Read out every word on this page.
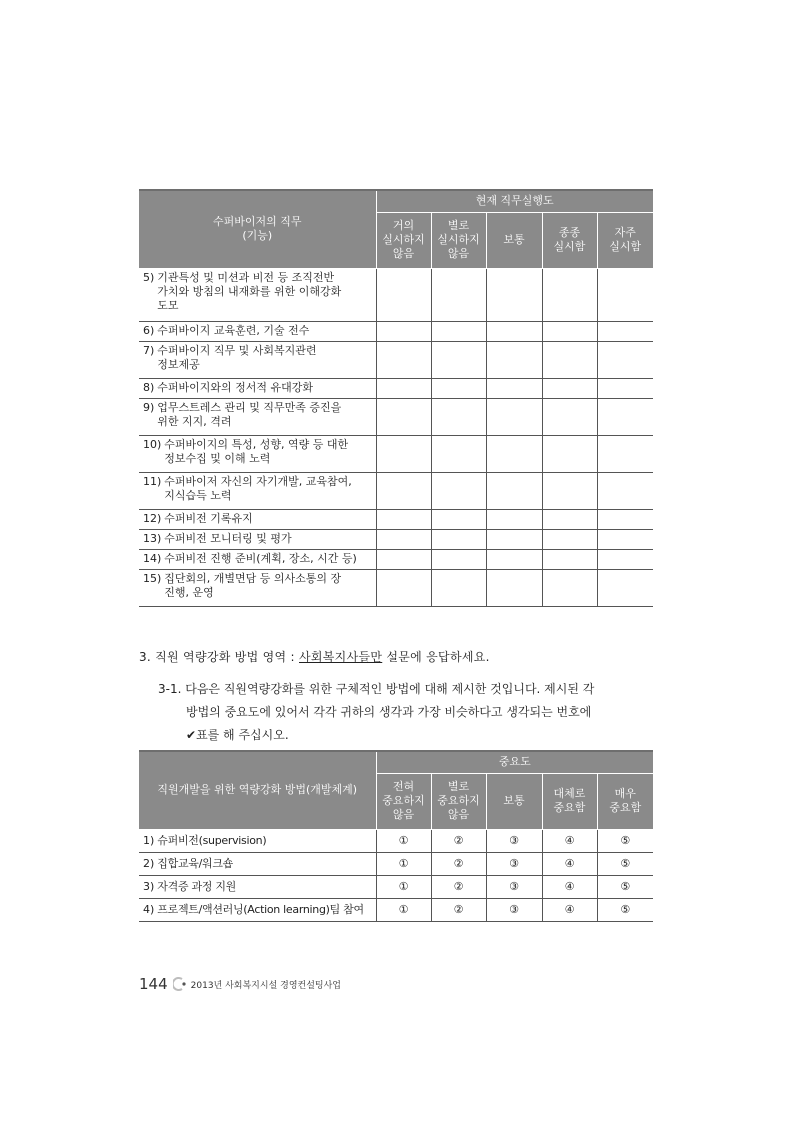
수퍼바이저의 직무
(기능)	현재 직무실행도				
	거의
실시하지
않음	별로
실시하지
않음	보통	종종
실시함	자주
실시함

5) 기관특성 및 미션과 비전 등 조직전반
가치와 방침의 내재화를 위한 이해강화
도모					

6) 수퍼바이지 교육훈련, 기술 전수					

7) 수퍼바이지 직무 및 사회복지관련
정보제공					

8) 수퍼바이지와의 정서적 유대강화					

9) 업무스트레스 관리 및 직무만족 증진을
위한 지지, 격려					

10) 수퍼바이지의 특성, 성향, 역량 등 대한
정보수집 및 이해 노력					

11) 수퍼바이저 자신의 자기개발, 교육참여,
지식습득 노력					

12) 수퍼비전 기록유지					

13) 수퍼비전 모니터링 및 평가					

14) 수퍼비전 진행 준비(계획, 장소, 시간 등)					

15) 집단회의, 개별면담 등 의사소통의 장
진행, 운영					

3. 직원 역량강화 방법 영역 : 사회복지사들만 설문에 응답하세요.
3-1. 다음은 직원역량강화를 위한 구체적인 방법에 대해 제시한 것입니다. 제시된 각
방법의 중요도에 있어서 각각 귀하의 생각과 가장 비슷하다고 생각되는 번호에
✔표를 해 주십시오.
직원개발을 위한 역량강화 방법(개발체계)	중요도				
	전혀
중요하지
않음	별로
중요하지
않음	보통	대체로
중요함	매우
중요함
1) 슈퍼비전(supervision)	①	②	③	④	⑤
2) 집합교육/워크숍	①	②	③	④	⑤
3) 자격증 과정 지원	①	②	③	④	⑤
4) 프로젝트/액션러닝(Action learning)팀 참여	①	②	③	④	⑤
144	2013년 사회복지시설 경영컨설팅사업
